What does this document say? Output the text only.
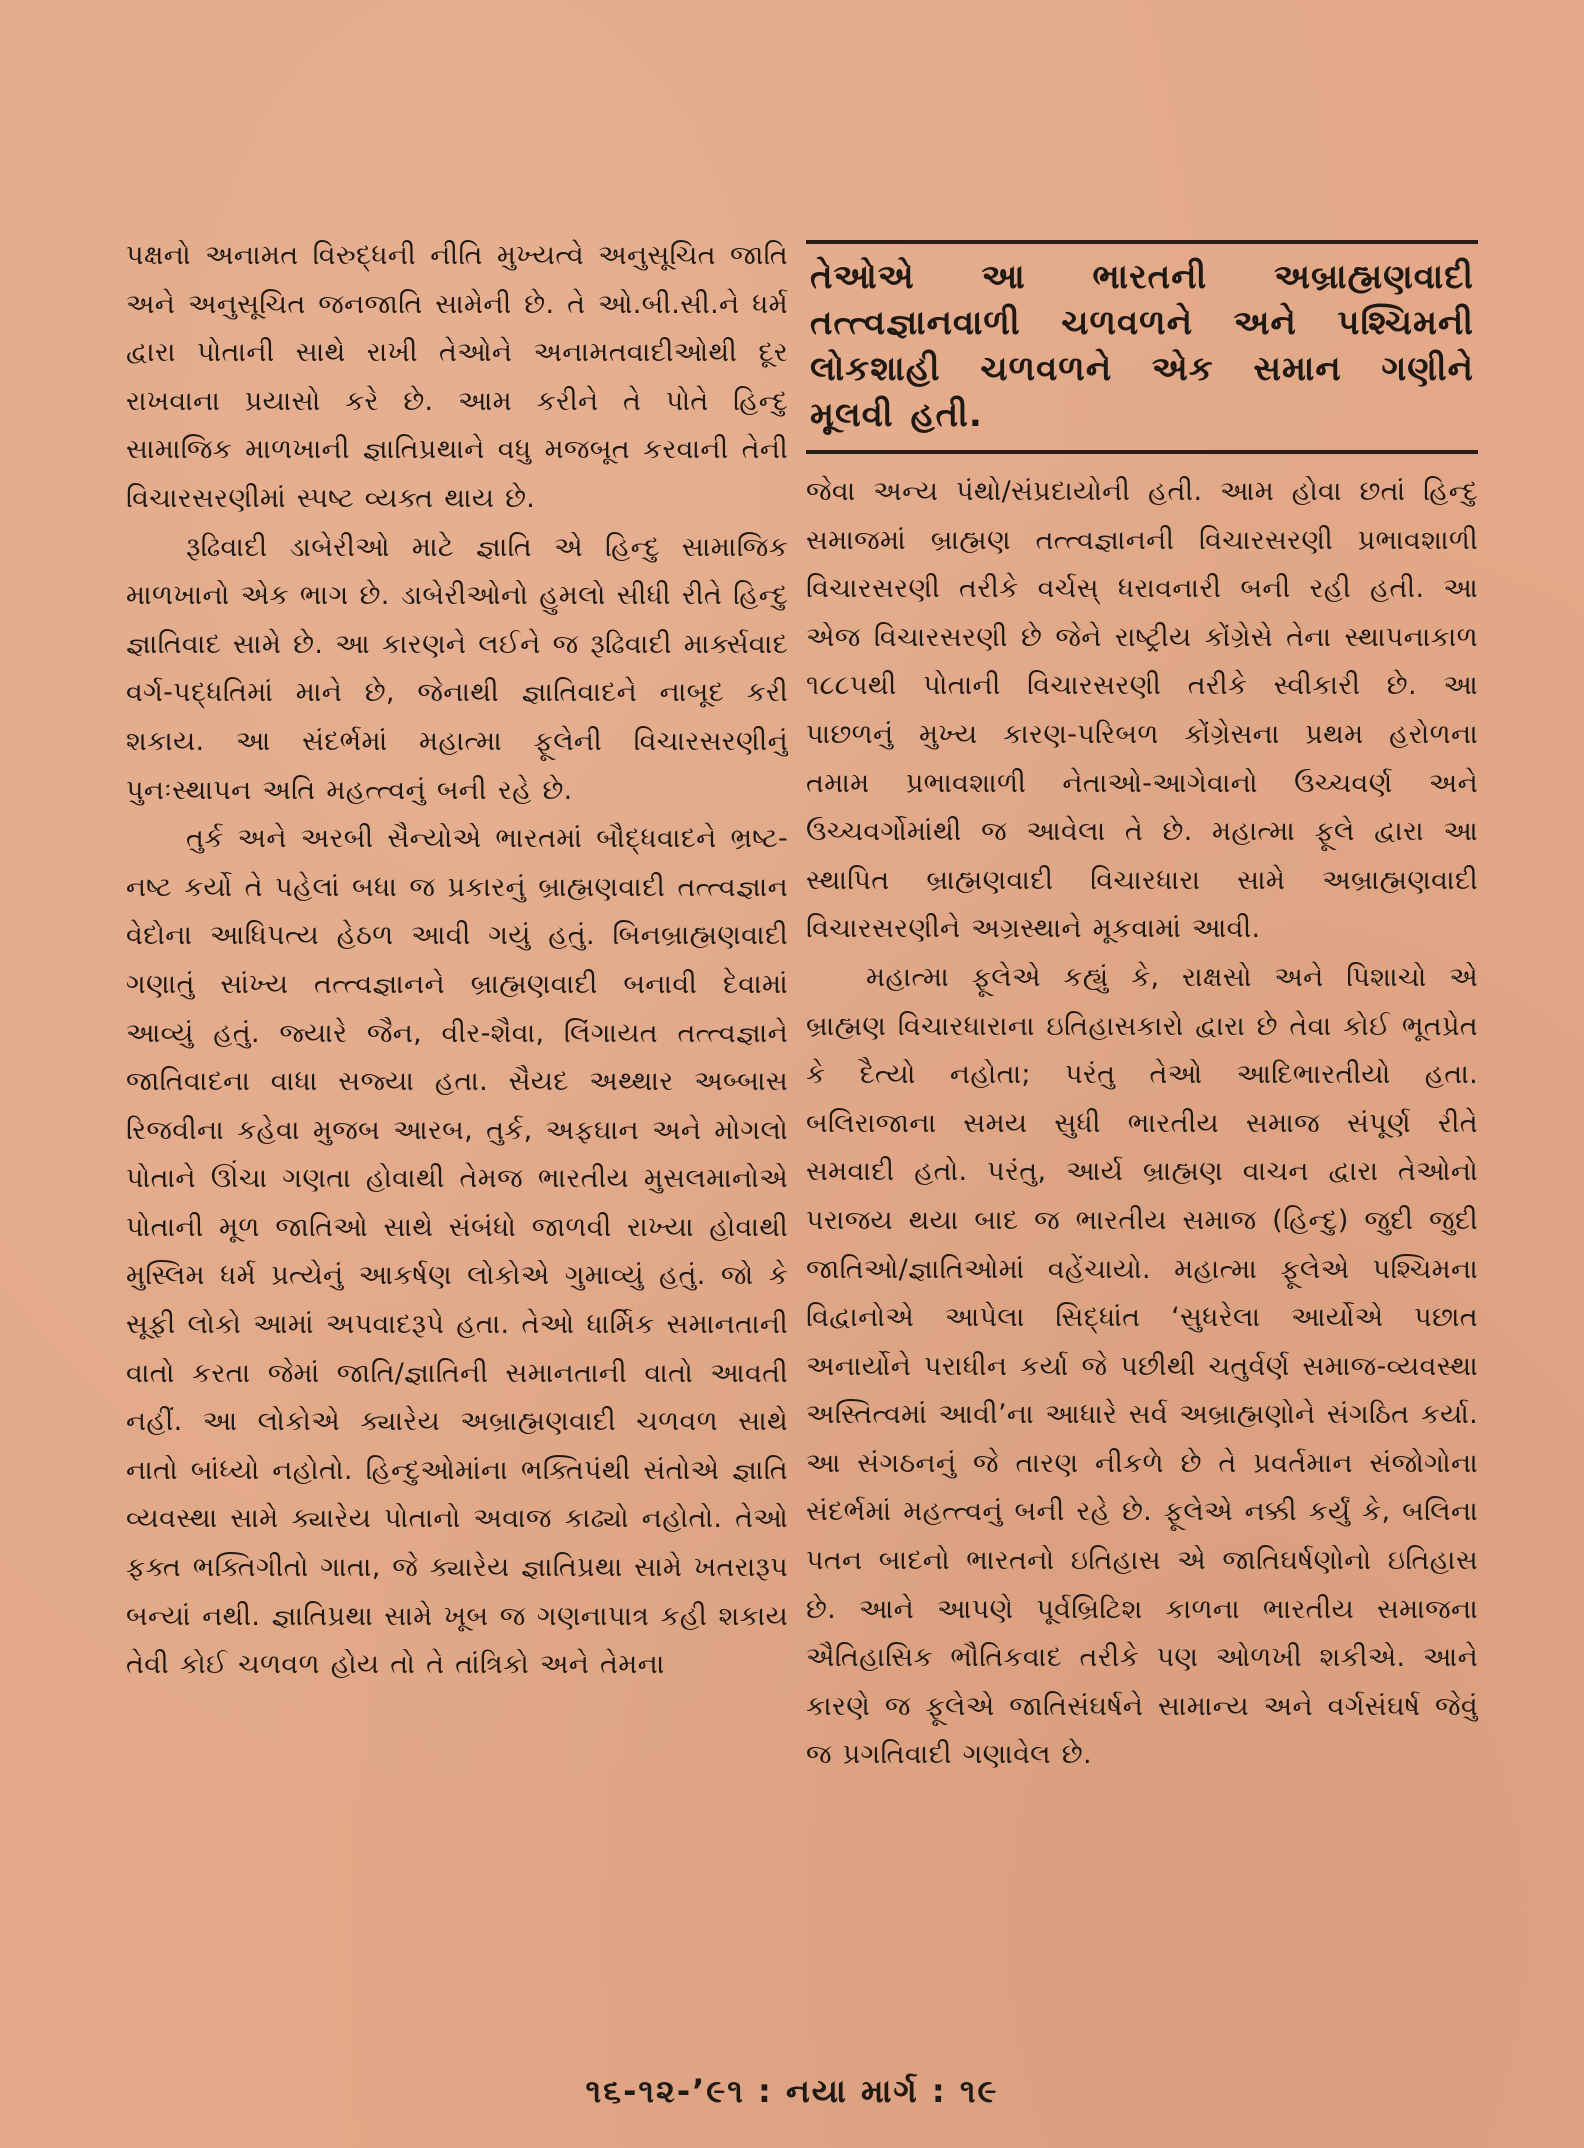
પક્ષનો અનામત વિરુદ્ધની નીતિ મુખ્યત્વે અનુસૂચિત જાતિ અને અનુસૂચિત જનજાતિ સામેની છે. તે ઓ.બી.સી.ને ધર્મ દ્વારા પોતાની સાથે રાખી તેઓને અનામતવાદીઓથી દૂર રાખવાના પ્રયાસો કરે છે. આમ કરીને તે પોતે હિન્દુ સામાજિક માળખાની જ્ઞાતિપ્રથાને વધુ મજબૂત કરવાની તેની વિચારસરણીમાં સ્પષ્ટ વ્યક્ત થાય છે.

રૂઢિવાદી ડાબેરીઓ માટે જ્ઞાતિ એ હિન્દુ સામાજિક માળખાનો એક ભાગ છે. ડાબેરીઓનો હુમલો સીધી રીતે હિન્દુ જ્ઞાતિવાદ સામે છે. આ કારણને લઈને જ રૂઢિવાદી માર્ક્સવાદ વર્ગ-પદ્ધતિમાં માને છે, જેનાથી જ્ઞાતિવાદને નાબૂદ કરી શકાય. આ સંદર્ભમાં મહાત્મા ફૂલેની વિચારસરણીનું પુનઃસ્થાપન અતિ મહત્ત્વનું બની રહે છે.

તુર્ક અને અરબી સૈન્યોએ ભારતમાં બૌદ્ધવાદને ભ્રષ્ટ-નષ્ટ કર્યો તે પહેલાં બધા જ પ્રકારનું બ્રાહ્મણવાદી તત્ત્વજ્ઞાન વેદોના આધિપત્ય હેઠળ આવી ગયું હતું. બિનબ્રાહ્મણવાદી ગણાતું સાંખ્ય તત્ત્વજ્ઞાનને બ્રાહ્મણવાદી બનાવી દેવામાં આવ્યું હતું. જ્યારે જૈન, વીર-શૈવા, લિંગાયત તત્ત્વજ્ઞાને જાતિવાદના વાધા સજ્યા હતા. સૈયદ અથ્થાર અબ્બાસ રિજવીના કહેવા મુજબ આરબ, તુર્ક, અફઘાન અને મોગલો પોતાને ઊંચા ગણતા હોવાથી તેમજ ભારતીય મુસલમાનોએ પોતાની મૂળ જાતિઓ સાથે સંબંધો જાળવી રાખ્યા હોવાથી મુસ્લિમ ધર્મ પ્રત્યેનું આકર્ષણ લોકોએ ગુમાવ્યું હતું. જો કે સૂફી લોકો આમાં અપવાદરૂપે હતા. તેઓ ધાર્મિક સમાનતાની વાતો કરતા જેમાં જાતિ/જ્ઞાતિની સમાનતાની વાતો આવતી નહીં. આ લોકોએ ક્યારેય અબ્રાહ્મણવાદી ચળવળ સાથે નાતો બાંધ્યો નહોતો. હિન્દુઓમાંના ભક્તિપંથી સંતોએ જ્ઞાતિ વ્યવસ્થા સામે ક્યારેય પોતાનો અવાજ કાઢ્યો નહોતો. તેઓ ફક્ત ભક્તિગીતો ગાતા, જે ક્યારેય જ્ઞાતિપ્રથા સામે ખતરારૂપ બન્યાં નથી. જ્ઞાતિપ્રથા સામે ખૂબ જ ગણનાપાત્ર કહી શકાય તેવી કોઈ ચળવળ હોય તો તે તાંત્રિકો અને તેમના

તેઓએ આ ભારતની અબ્રાહ્મણવાદી તત્ત્વજ્ઞાનવાળી ચળવળને અને પશ્ચિમની લોકશાહી ચળવળને એક સમાન ગણીને મૂલવી હતી.

જેવા અન્ય પંથો/સંપ્રદાયોની હતી. આમ હોવા છતાં હિન્દુ સમાજમાં બ્રાહ્મણ તત્ત્વજ્ઞાનની વિચારસરણી પ્રભાવશાળી વિચારસરણી તરીકે વર્ચસ્ ધરાવનારી બની રહી હતી. આ એજ વિચારસરણી છે જેને રાષ્ટ્રીય કોંગ્રેસે તેના સ્થાપનાકાળ ૧૮૮૫થી પોતાની વિચારસરણી તરીકે સ્વીકારી છે. આ પાછળનું મુખ્ય કારણ-પરિબળ કોંગ્રેસના પ્રથમ હરોળના તમામ પ્રભાવશાળી નેતાઓ-આગેવાનો ઉચ્ચવર્ણ અને ઉચ્ચવર્ગોમાંથી જ આવેલા તે છે. મહાત્મા ફૂલે દ્વારા આ સ્થાપિત બ્રાહ્મણવાદી વિચારધારા સામે અબ્રાહ્મણવાદી વિચારસરણીને અગ્રસ્થાને મૂકવામાં આવી.

મહાત્મા ફૂલેએ કહ્યું કે, રાક્ષસો અને પિશાચો એ બ્રાહ્મણ વિચારધારાના ઇતિહાસકારો દ્વારા છે તેવા કોઈ ભૂતપ્રેત કે દૈત્યો નહોતા; પરંતુ તેઓ આદિભારતીયો હતા. બલિરાજાના સમય સુધી ભારતીય સમાજ સંપૂર્ણ રીતે સમવાદી હતો. પરંતુ, આર્ય બ્રાહ્મણ વાચન દ્વારા તેઓનો પરાજય થયા બાદ જ ભારતીય સમાજ (હિન્દુ) જુદી જુદી જાતિઓ/જ્ઞાતિઓમાં વહેંચાયો. મહાત્મા ફૂલેએ પશ્ચિમના વિદ્વાનોએ આપેલા સિદ્ધાંત ‘સુધરેલા આર્યોએ પછાત અનાર્યોને પરાધીન કર્યા જે પછીથી ચતુર્વર્ણ સમાજ-વ્યવસ્થા અસ્તિત્વમાં આવી’ના આધારે સર્વ અબ્રાહ્મણોને સંગઠિત કર્યા. આ સંગઠનનું જે તારણ નીકળે છે તે પ્રવર્તમાન સંજોગોના સંદર્ભમાં મહત્ત્વનું બની રહે છે. ફૂલેએ નક્કી કર્યું કે, બલિના પતન બાદનો ભારતનો ઇતિહાસ એ જાતિઘર્ષણોનો ઇતિહાસ છે. આને આપણે પૂર્વબ્રિટિશ કાળના ભારતીય સમાજના ઐતિહાસિક ભૌતિકવાદ તરીકે પણ ઓળખી શકીએ. આને કારણે જ ફૂલેએ જાતિસંઘર્ષને સામાન્ય અને વર્ગસંઘર્ષ જેવું જ પ્રગતિવાદી ગણાવેલ છે.

૧૬-૧૨-’૯૧ : નયા માર્ગ : ૧૯
